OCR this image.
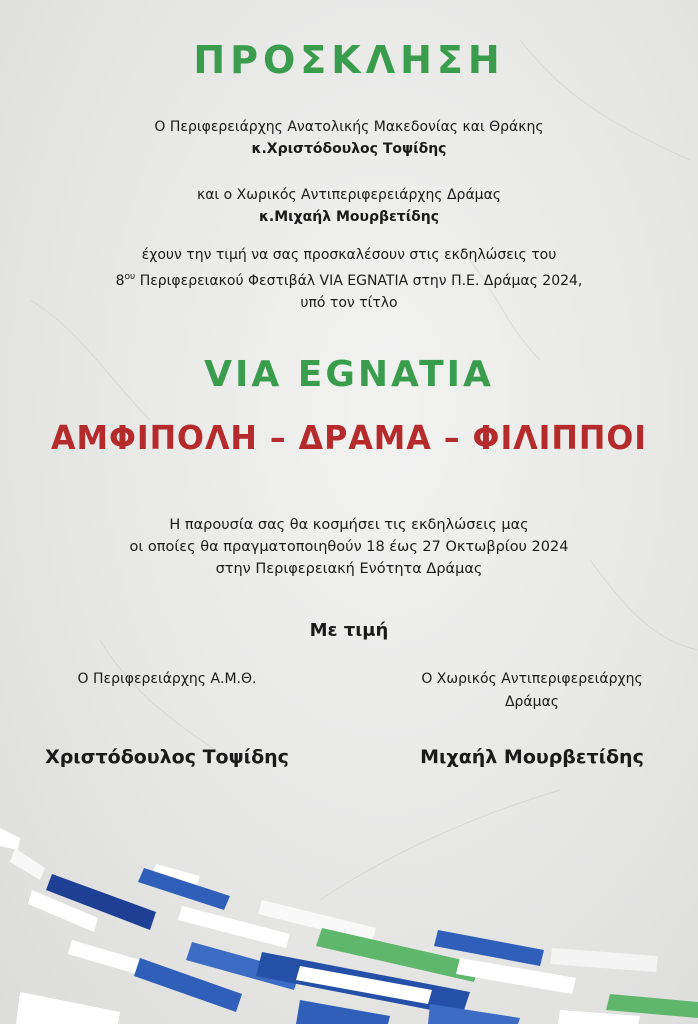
ΠΡΟΣΚΛΗΣΗ
Ο Περιφερειάρχης Ανατολικής Μακεδονίας και Θράκης
κ.Χριστόδουλος Τοψίδης
και ο Χωρικός Αντιπεριφερειάρχης Δράμας
κ.Μιχαήλ Μουρβετίδης
έχουν την τιμή να σας προσκαλέσουν στις εκδηλώσεις του
$8^{o\upsilon}$ Περιφερειακού Φεστιβάλ VIA EGNATIA στην Π.Ε. Δράμας 2024,
υπό τον τίτλο
VIA EGNATIA
ΑΜΦΙΠΟΛΗ – ΔΡΑΜΑ – ΦΙΛΙΠΠΟΙ
Η παρουσία σας θα κοσμήσει τις εκδηλώσεις μας
οι οποίες θα πραγματοποιηθούν 18 έως 27 Οκτωβρίου 2024
στην Περιφερειακή Ενότητα Δράμας
Με τιμή
Ο Περιφερειάρχης Α.Μ.Θ.	Ο Χωρικός Αντιπεριφερειάρχης
Δράμας
Χριστόδουλος Τοψίδης	Μιχαήλ Μουρβετίδης
